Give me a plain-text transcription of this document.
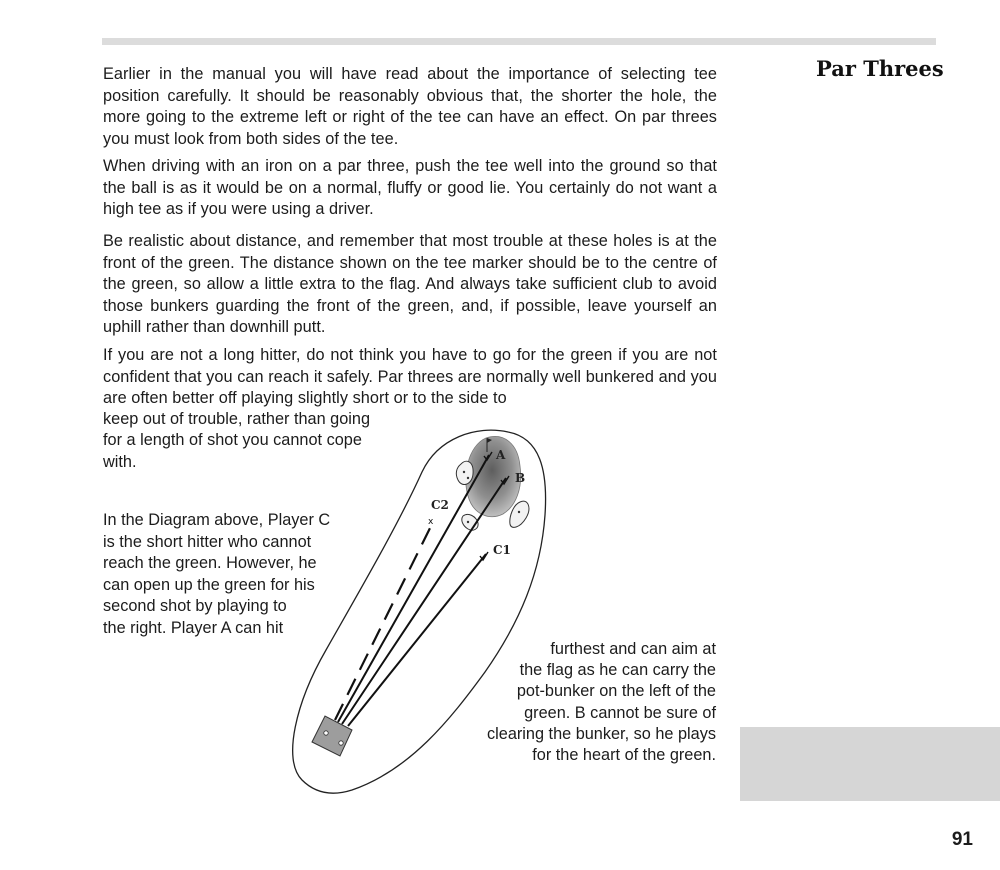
Par Threes

Earlier in the manual you will have read about the importance of selecting tee position carefully. It should be reasonably obvious that, the shorter the hole, the more going to the extreme left or right of the tee can have an effect. On par threes you must look from both sides of the tee.

When driving with an iron on a par three, push the tee well into the ground so that the ball is as it would be on a normal, fluffy or good lie. You certainly do not want a high tee as if you were using a driver.

Be realistic about distance, and remember that most trouble at these holes is at the front of the green. The distance shown on the tee marker should be to the centre of the green, so allow a little extra to the flag. And always take sufficient club to avoid those bunkers guarding the front of the green, and, if possible, leave yourself an uphill rather than downhill putt.

If you are not a long hitter, do not think you have to go for the green if you are not confident that you can reach it safely. Par threes are normally well bunkered and you are often better off playing slightly short or to the side to

keep out of trouble, rather than going
for a length of shot you cannot cope
with.
In the Diagram above, Player C
is the short hitter who cannot
reach the green. However, he
can open up the green for his
second shot by playing to
the right. Player A can hit
furthest and can aim at
the flag as he can carry the
pot-bunker on the left of the
green. B cannot be sure of
clearing the bunker, so he plays
for the heart of the green.
x
A
B
C1
C2
91
